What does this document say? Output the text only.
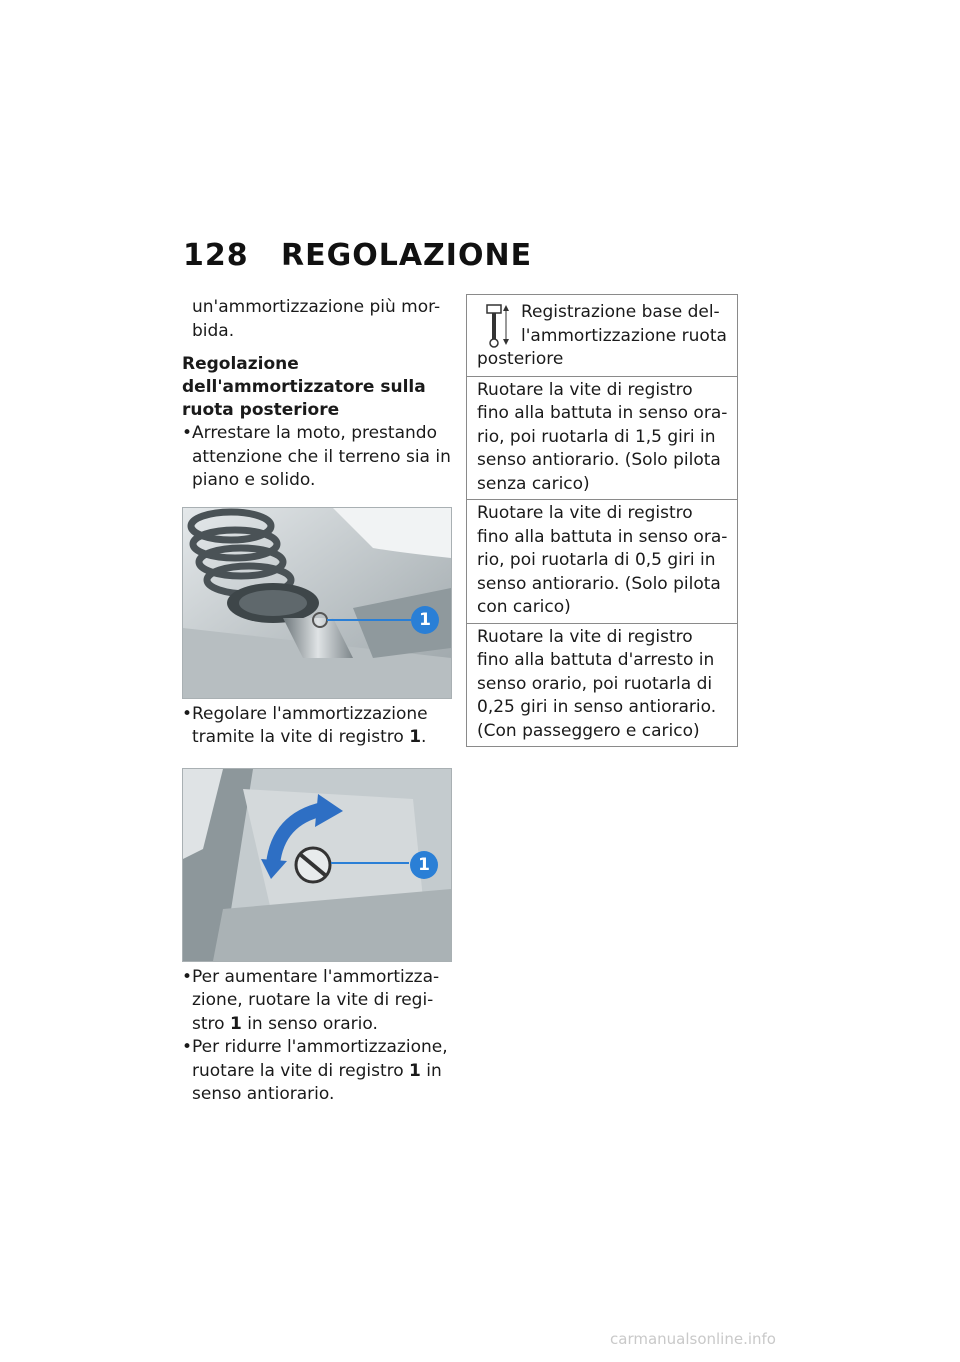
128 REGOLAZIONE
un'ammortizzazione più mor-bida.
Regolazione dell'ammortizzatore sulla ruota posteriore
• Arrestare la moto, prestando attenzione che il terreno sia in piano e solido.
1
• Regolare l'ammortizzazione tramite la vite di registro 1.
1
• Per aumentare l'ammortizza-zione, ruotare la vite di regi-stro 1 in senso orario.
• Per ridurre l'ammortizzazione, ruotare la vite di registro 1 in senso antiorario.
Registrazione base del-
l'ammortizzazione ruota
posteriore
Ruotare la vite di registro fino alla battuta in senso ora-rio, poi ruotarla di 1,5 giri in senso antiorario. (Solo pilota senza carico)
Ruotare la vite di registro fino alla battuta in senso ora-rio, poi ruotarla di 0,5 giri in senso antiorario. (Solo pilota con carico)
Ruotare la vite di registro fino alla battuta d'arresto in senso orario, poi ruotarla di 0,25 giri in senso antiorario. (Con passeggero e carico)
carmanualsonline.info
